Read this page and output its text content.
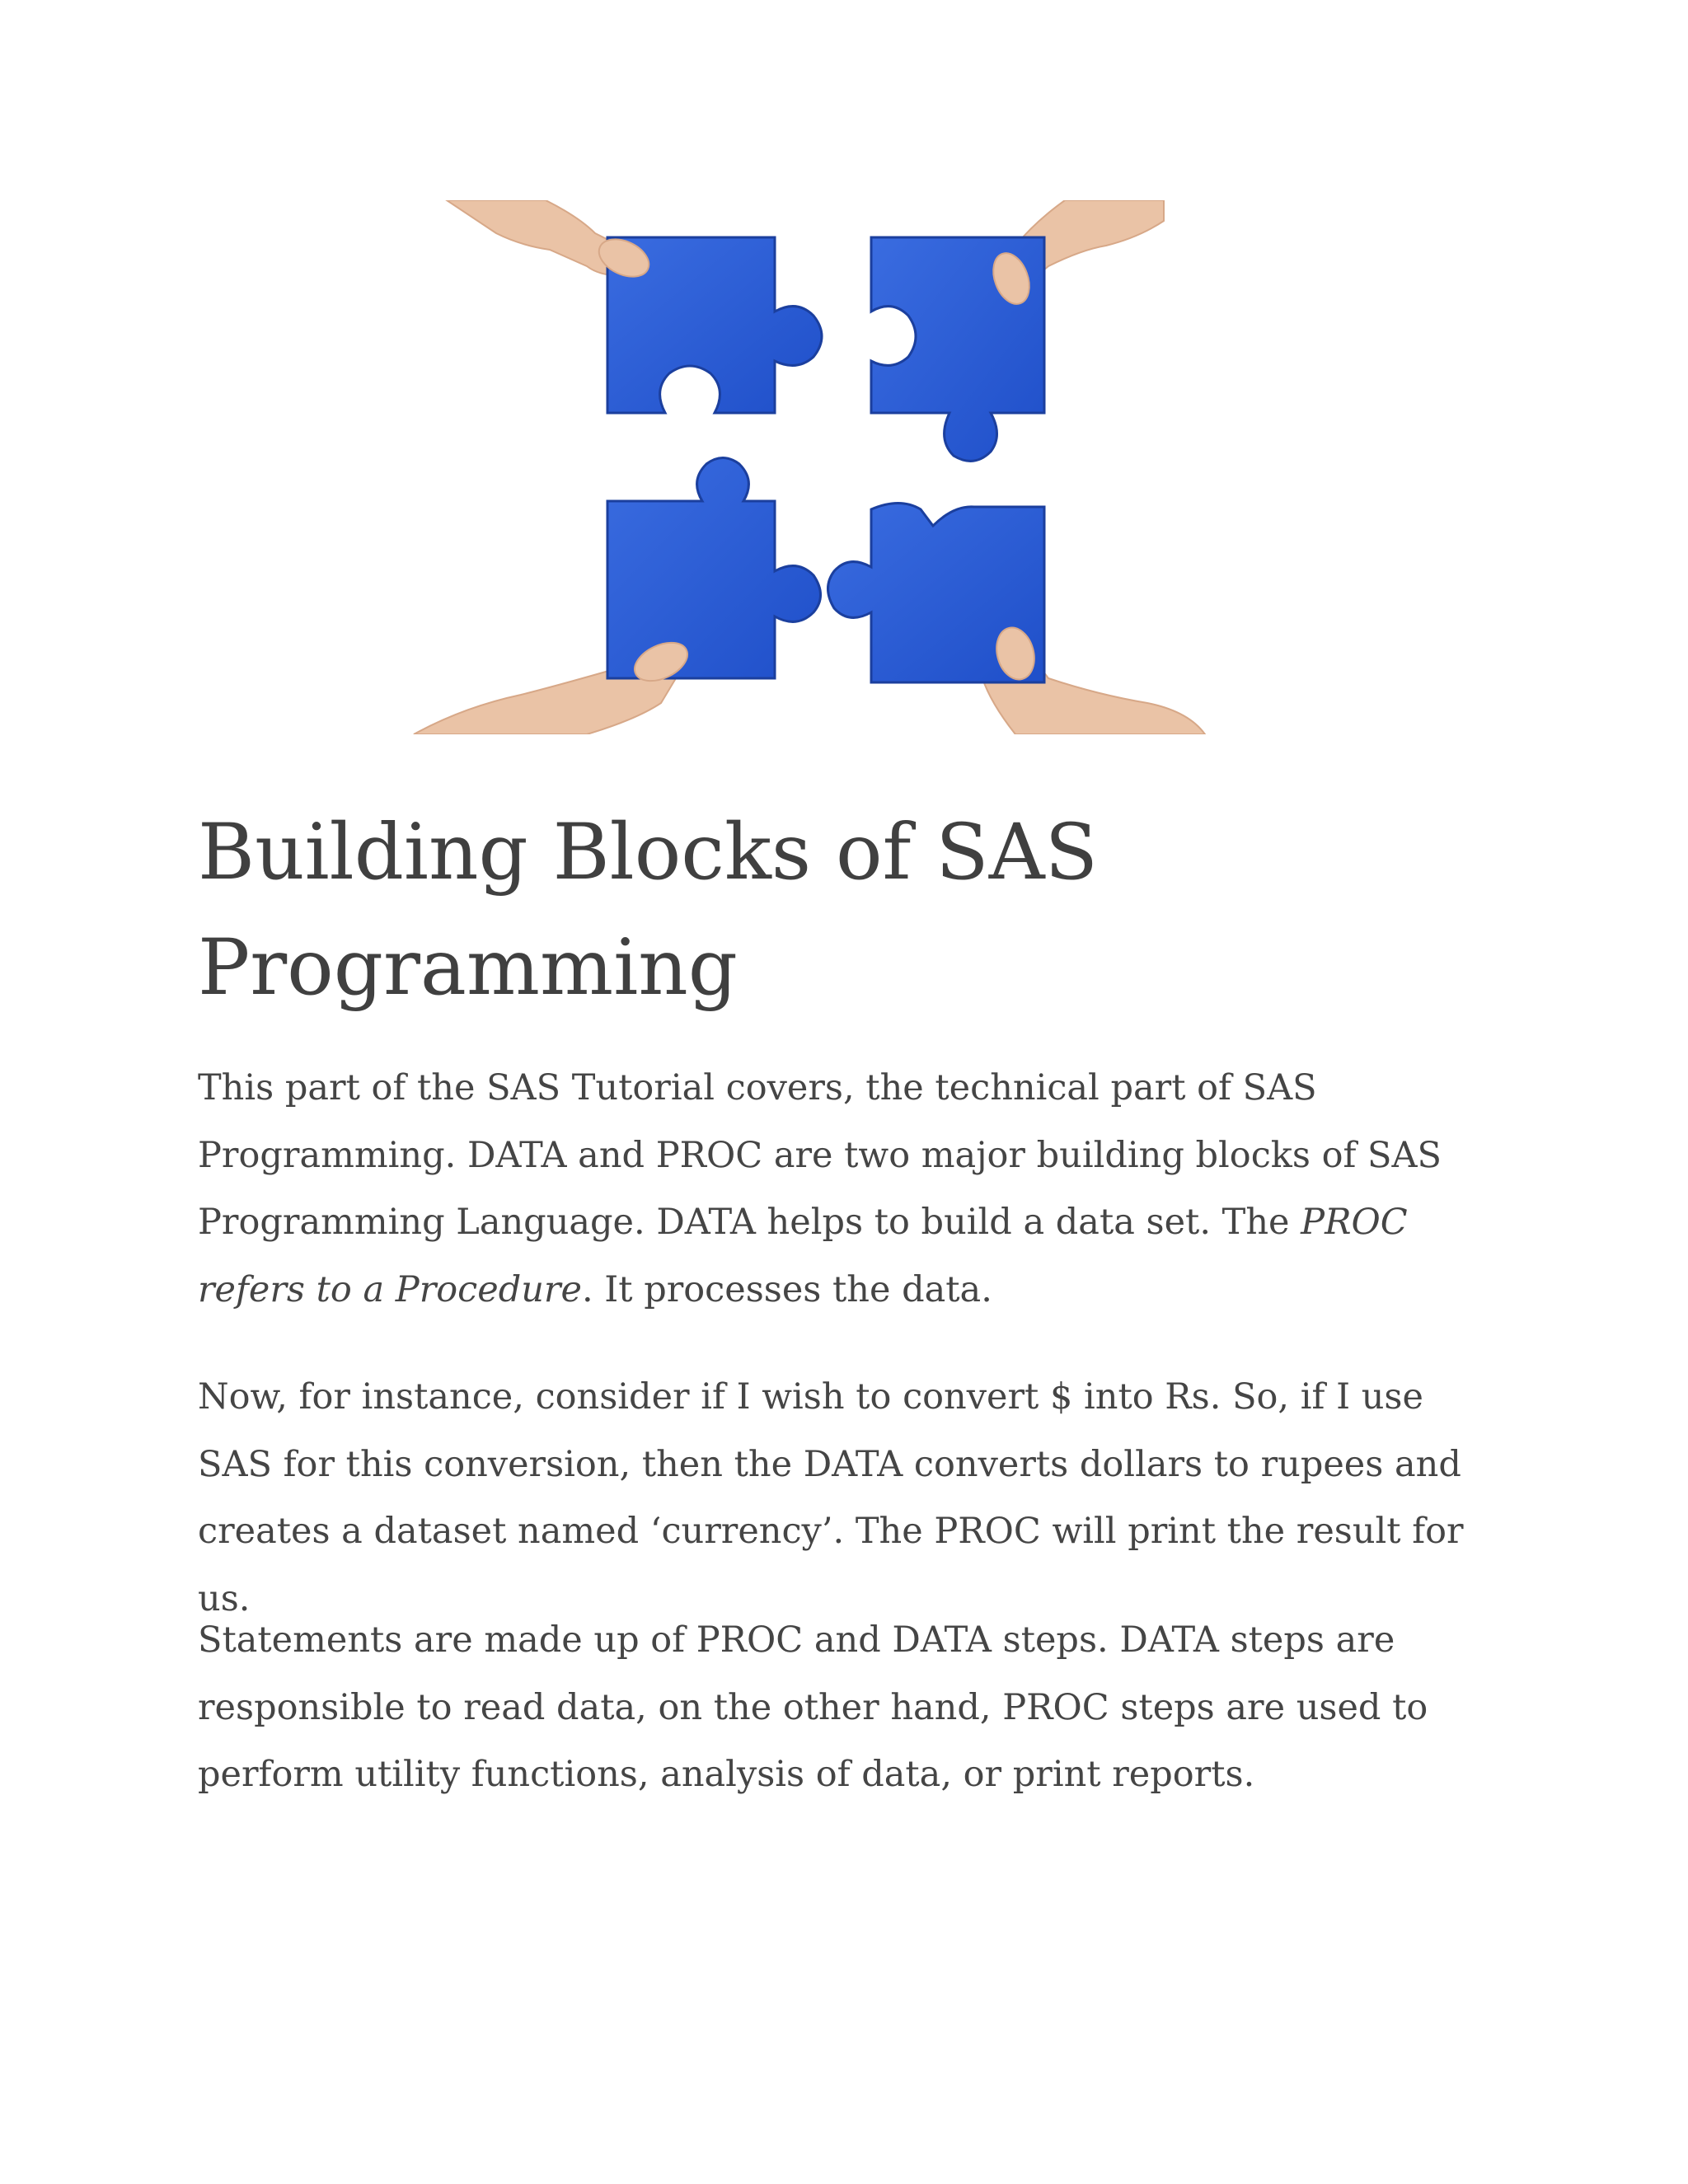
Building Blocks of SAS Programming

This part of the SAS Tutorial covers, the technical part of SAS Programming. DATA and PROC are two major building blocks of SAS Programming Language. DATA helps to build a data set. The PROC refers to a Procedure. It processes the data.

Now, for instance, consider if I wish to convert $ into Rs. So, if I use SAS for this conversion, then the DATA converts dollars to rupees and creates a dataset named ‘currency’. The PROC will print the result for us.

Statements are made up of PROC and DATA steps. DATA steps are responsible to read data, on the other hand, PROC steps are used to perform utility functions, analysis of data, or print reports.
